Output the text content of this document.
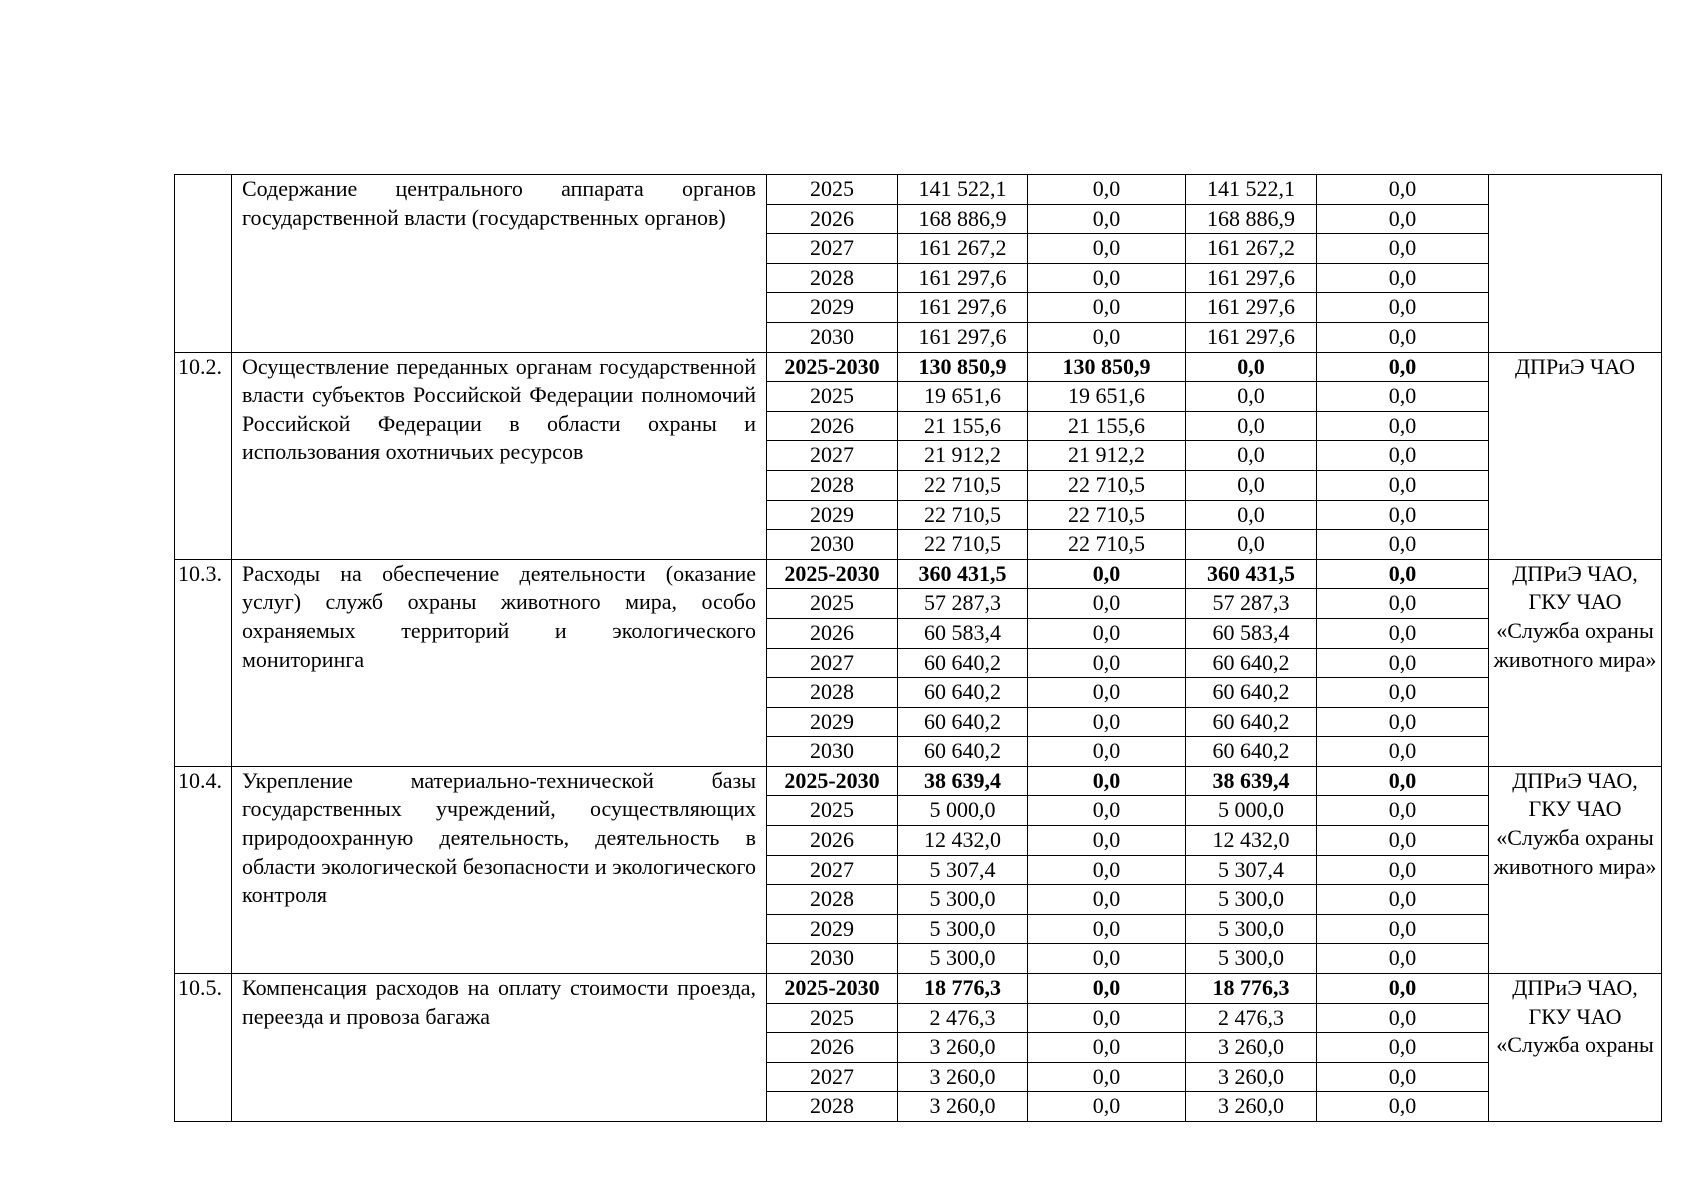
	Содержание центрального аппарата органов государственной власти (государственных органов)	2025	141 522,1	0,0	141 522,1	0,0	
		2026	168 886,9	0,0	168 886,9	0,0	
		2027	161 267,2	0,0	161 267,2	0,0	
		2028	161 297,6	0,0	161 297,6	0,0	
		2029	161 297,6	0,0	161 297,6	0,0	
		2030	161 297,6	0,0	161 297,6	0,0	
10.2.	Осуществление переданных органам государственной власти субъектов Российской Федерации полномочий Российской Федерации в области охраны и использования охотничьих ресурсов	2025-2030	130 850,9	130 850,9	0,0	0,0	ДПРиЭ ЧАО
		2025	19 651,6	19 651,6	0,0	0,0	
		2026	21 155,6	21 155,6	0,0	0,0	
		2027	21 912,2	21 912,2	0,0	0,0	
		2028	22 710,5	22 710,5	0,0	0,0	
		2029	22 710,5	22 710,5	0,0	0,0	
		2030	22 710,5	22 710,5	0,0	0,0	
10.3.	Расходы на обеспечение деятельности (оказание услуг) служб охраны животного мира, особо охраняемых территорий и экологического мониторинга	2025-2030	360 431,5	0,0	360 431,5	0,0	ДПРиЭ ЧАО, ГКУ ЧАО «Служба охраны животного мира»
		2025	57 287,3	0,0	57 287,3	0,0	
		2026	60 583,4	0,0	60 583,4	0,0	
		2027	60 640,2	0,0	60 640,2	0,0	
		2028	60 640,2	0,0	60 640,2	0,0	
		2029	60 640,2	0,0	60 640,2	0,0	
		2030	60 640,2	0,0	60 640,2	0,0	
10.4.	Укрепление материально-технической базы государственных учреждений, осуществляющих природоохранную деятельность, деятельность в области экологической безопасности и экологического контроля	2025-2030	38 639,4	0,0	38 639,4	0,0	ДПРиЭ ЧАО, ГКУ ЧАО «Служба охраны животного мира»
		2025	5 000,0	0,0	5 000,0	0,0	
		2026	12 432,0	0,0	12 432,0	0,0	
		2027	5 307,4	0,0	5 307,4	0,0	
		2028	5 300,0	0,0	5 300,0	0,0	
		2029	5 300,0	0,0	5 300,0	0,0	
		2030	5 300,0	0,0	5 300,0	0,0	
10.5.	Компенсация расходов на оплату стоимости проезда, переезда и провоза багажа	2025-2030	18 776,3	0,0	18 776,3	0,0	ДПРиЭ ЧАО, ГКУ ЧАО «Служба охраны
		2025	2 476,3	0,0	2 476,3	0,0	
		2026	3 260,0	0,0	3 260,0	0,0	
		2027	3 260,0	0,0	3 260,0	0,0	
		2028	3 260,0	0,0	3 260,0	0,0	
